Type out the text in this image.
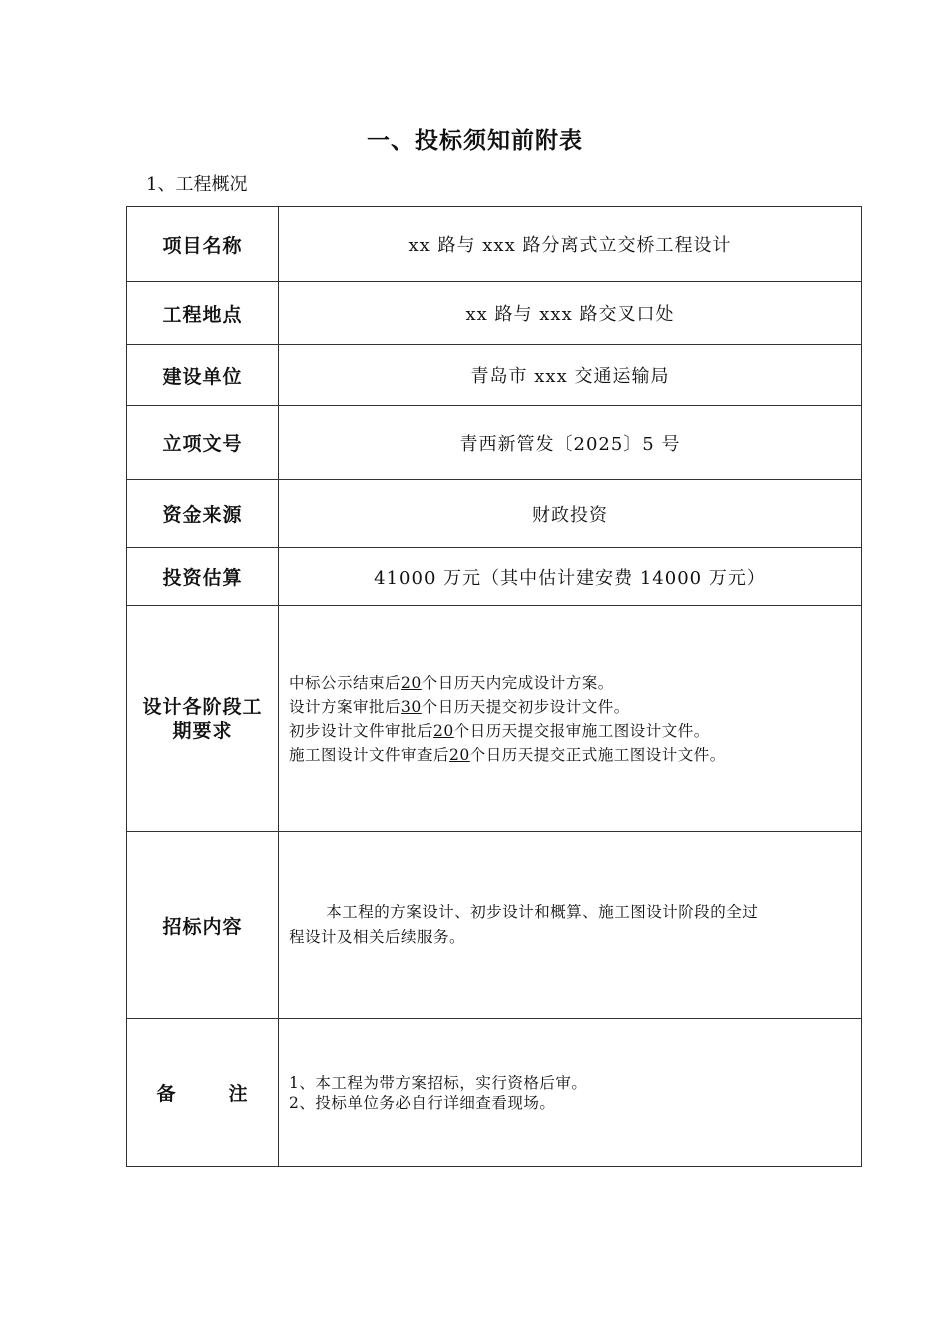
一、投标须知前附表
1、工程概况
项目名称	xx 路与 xxx 路分离式立交桥工程设计
工程地点	xx 路与 xxx 路交叉口处
建设单位	青岛市 xxx 交通运输局
立项文号	青西新管发〔2025〕5 号
资金来源	财政投资
投资估算	41000 万元（其中估计建安费 14000 万元）

设计各阶段工
期要求	中标公示结束后20个日历天内完成设计方案。
设计方案审批后30个日历天提交初步设计文件。
初步设计文件审批后20个日历天提交报审施工图设计文件。
施工图设计文件审查后20个日历天提交正式施工图设计文件。

招标内容	本工程的方案设计、初步设计和概算、施工图设计阶段的全过
程设计及相关后续服务。

备 注	1、本工程为带方案招标，实行资格后审。
2、投标单位务必自行详细查看现场。
